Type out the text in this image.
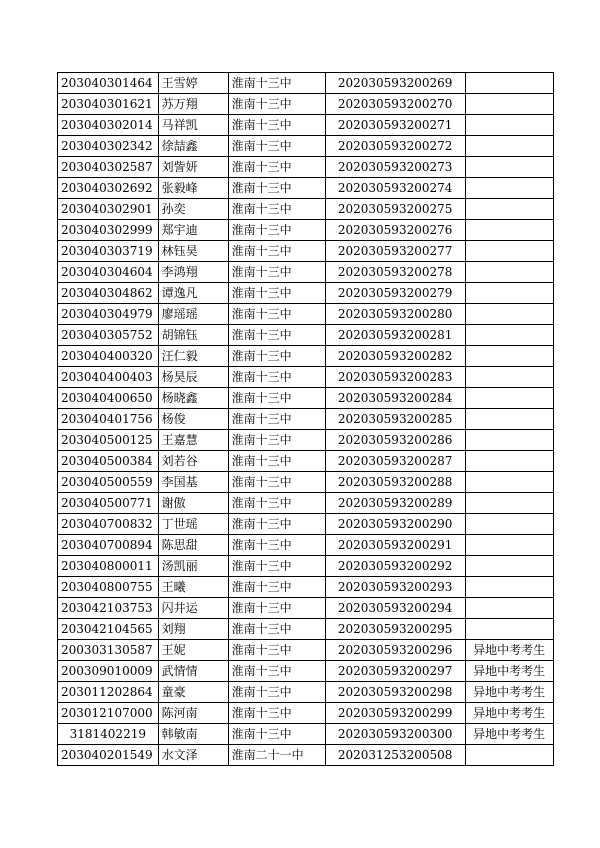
203040301464	王雪婷	淮南十三中	202030593200269	
203040301621	苏万翔	淮南十三中	202030593200270	
203040302014	马祥凯	淮南十三中	202030593200271	
203040302342	徐喆鑫	淮南十三中	202030593200272	
203040302587	刘訾妍	淮南十三中	202030593200273	
203040302692	张毅峰	淮南十三中	202030593200274	
203040302901	孙奕	淮南十三中	202030593200275	
203040302999	郑宇迪	淮南十三中	202030593200276	
203040303719	林钰昊	淮南十三中	202030593200277	
203040304604	李鸿翔	淮南十三中	202030593200278	
203040304862	谭逸凡	淮南十三中	202030593200279	
203040304979	廖瑶瑶	淮南十三中	202030593200280	
203040305752	胡锦钰	淮南十三中	202030593200281	
203040400320	汪仁毅	淮南十三中	202030593200282	
203040400403	杨昊辰	淮南十三中	202030593200283	
203040400650	杨晓鑫	淮南十三中	202030593200284	
203040401756	杨俊	淮南十三中	202030593200285	
203040500125	王嘉慧	淮南十三中	202030593200286	
203040500384	刘若谷	淮南十三中	202030593200287	
203040500559	李国基	淮南十三中	202030593200288	
203040500771	谢傲	淮南十三中	202030593200289	
203040700832	丁世瑶	淮南十三中	202030593200290	
203040700894	陈思甜	淮南十三中	202030593200291	
203040800011	汤凯丽	淮南十三中	202030593200292	
203040800755	王曦	淮南十三中	202030593200293	
203042103753	闪井运	淮南十三中	202030593200294	
203042104565	刘翔	淮南十三中	202030593200295	
200303130587	王妮	淮南十三中	202030593200296	异地中考考生
200309010009	武情情	淮南十三中	202030593200297	异地中考考生
203011202864	童豪	淮南十三中	202030593200298	异地中考考生
203012107000	陈河南	淮南十三中	202030593200299	异地中考考生
3181402219	韩敏南	淮南十三中	202030593200300	异地中考考生
203040201549	水文泽	淮南二十一中	202031253200508	
